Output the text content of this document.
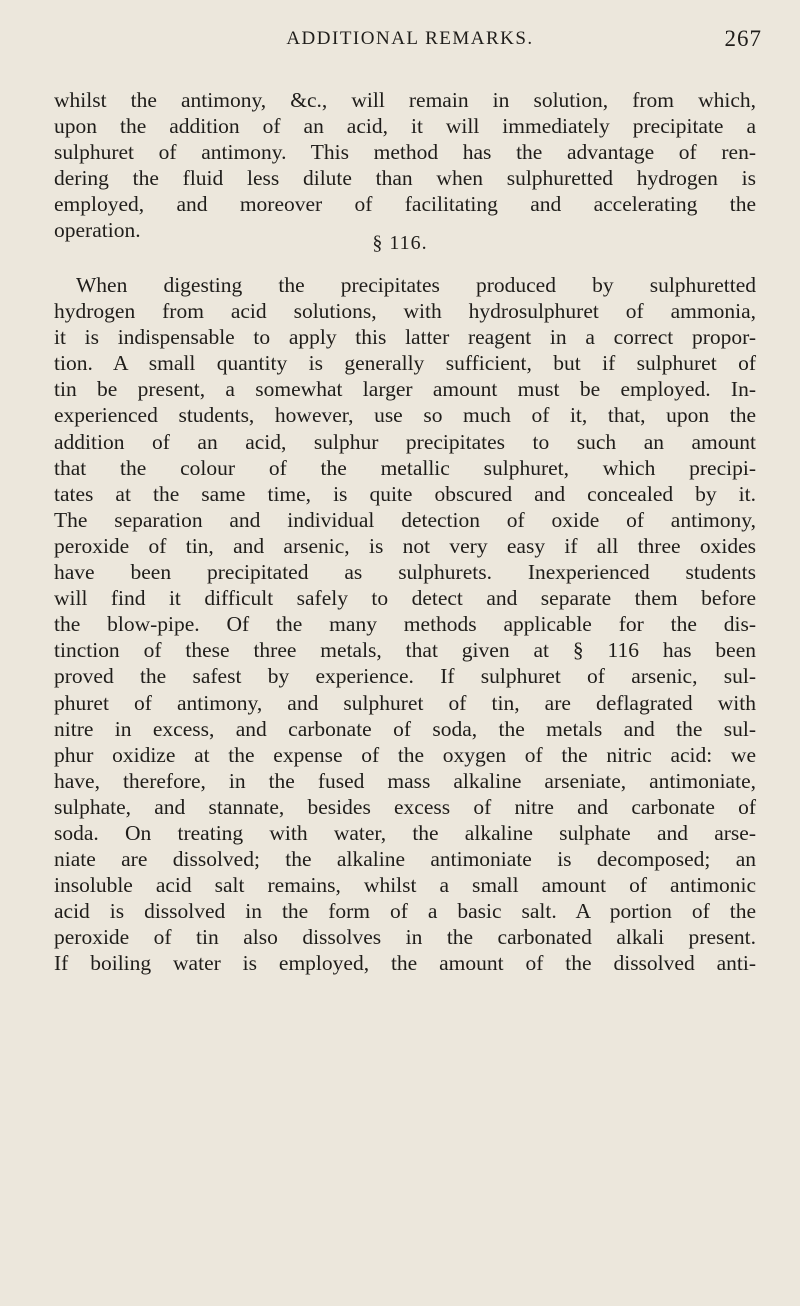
ADDITIONAL REMARKS.	267
whilst the antimony, &c., will remain in solution, from which,
upon the addition of an acid, it will immediately precipitate a
sulphuret of antimony. This method has the advantage of ren-
dering the fluid less dilute than when sulphuretted hydrogen is
employed, and moreover of facilitating and accelerating the
operation.
§ 116.
When digesting the precipitates produced by sulphuretted
hydrogen from acid solutions, with hydrosulphuret of ammonia,
it is indispensable to apply this latter reagent in a correct propor-
tion. A small quantity is generally sufficient, but if sulphuret of
tin be present, a somewhat larger amount must be employed. In-
experienced students, however, use so much of it, that, upon the
addition of an acid, sulphur precipitates to such an amount
that the colour of the metallic sulphuret, which precipi-
tates at the same time, is quite obscured and concealed by it.
The separation and individual detection of oxide of antimony,
peroxide of tin, and arsenic, is not very easy if all three oxides
have been precipitated as sulphurets. Inexperienced students
will find it difficult safely to detect and separate them before
the blow-pipe. Of the many methods applicable for the dis-
tinction of these three metals, that given at § 116 has been
proved the safest by experience. If sulphuret of arsenic, sul-
phuret of antimony, and sulphuret of tin, are deflagrated with
nitre in excess, and carbonate of soda, the metals and the sul-
phur oxidize at the expense of the oxygen of the nitric acid: we
have, therefore, in the fused mass alkaline arseniate, antimoniate,
sulphate, and stannate, besides excess of nitre and carbonate of
soda. On treating with water, the alkaline sulphate and arse-
niate are dissolved; the alkaline antimoniate is decomposed; an
insoluble acid salt remains, whilst a small amount of antimonic
acid is dissolved in the form of a basic salt. A portion of the
peroxide of tin also dissolves in the carbonated alkali present.
If boiling water is employed, the amount of the dissolved anti-
